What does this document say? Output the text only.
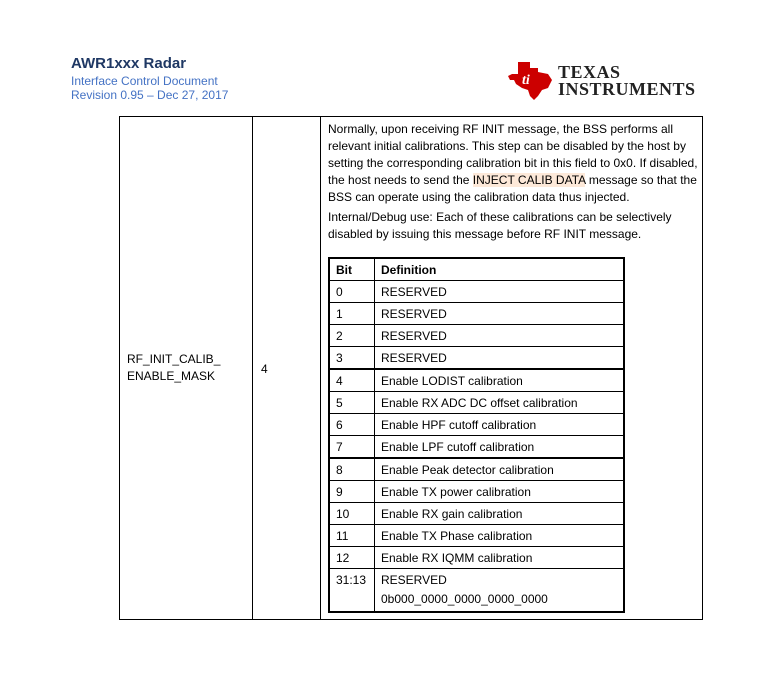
AWR1xxx Radar
Interface Control Document
Revision 0.95 – Dec 27, 2017
ti TEXAS
INSTRUMENTS
RF_INIT_CALIB_
ENABLE_MASK	4

Normally, upon receiving RF INIT message, the BSS performs all relevant initial calibrations. This step can be disabled by the host by setting the corresponding calibration bit in this field to 0x0. If disabled, the host needs to send the INJECT CALIB DATA message so that the BSS can operate using the calibration data thus injected.

Internal/Debug use: Each of these calibrations can be selectively disabled by issuing this message before RF INIT message.

Bit	Definition
0	RESERVED
1	RESERVED
2	RESERVED
3	RESERVED
4	Enable LODIST calibration
5	Enable RX ADC DC offset calibration
6	Enable HPF cutoff calibration
7	Enable LPF cutoff calibration
8	Enable Peak detector calibration
9	Enable TX power calibration
10	Enable RX gain calibration
11	Enable TX Phase calibration
12	Enable RX IQMM calibration
31:13	RESERVED
0b000_0000_0000_0000_0000
